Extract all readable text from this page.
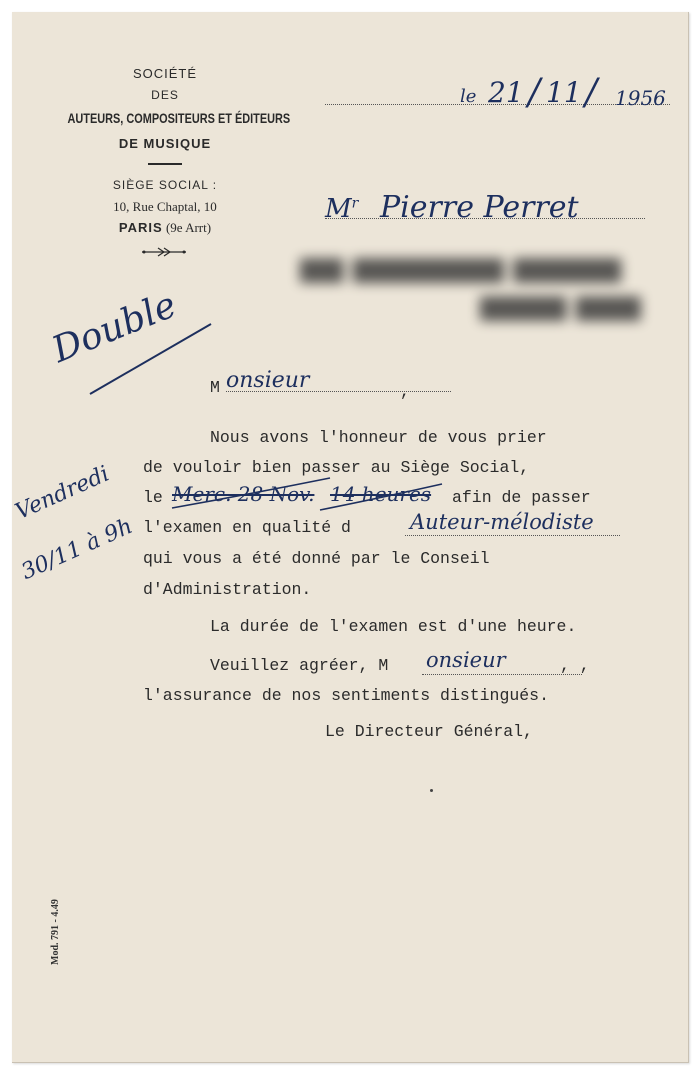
SOCIÉTÉ
DES
AUTEURS, COMPOSITEURS ET ÉDITEURS
DE MUSIQUE
SIÈGE SOCIAL :
10, Rue Chaptal, 10
PARIS (9e Arrt)
le 21 / 11 / 1956
$M^r$ Pierre Perret
▆▆ ▆▆▆▆▆▆▆ ▆▆▆▆▆
▆▆▆▆ ▆▆▆
Double
M onsieur	,
Nous avons l'honneur de vous prier
de vouloir bien passer au Siège Social,
le Merc. 28 Nov. 14 heures afin de passer
l'examen en qualité d	Auteur-mélodiste
qui vous a été donné par le Conseil
d'Administration.
Vendredi
30/11 à 9h
La durée de l'examen est d'une heure.
Veuillez agréer, M onsieur	, ,
l'assurance de nos sentiments distingués.
Le Directeur Général,
Mod. 791 - 4.49
